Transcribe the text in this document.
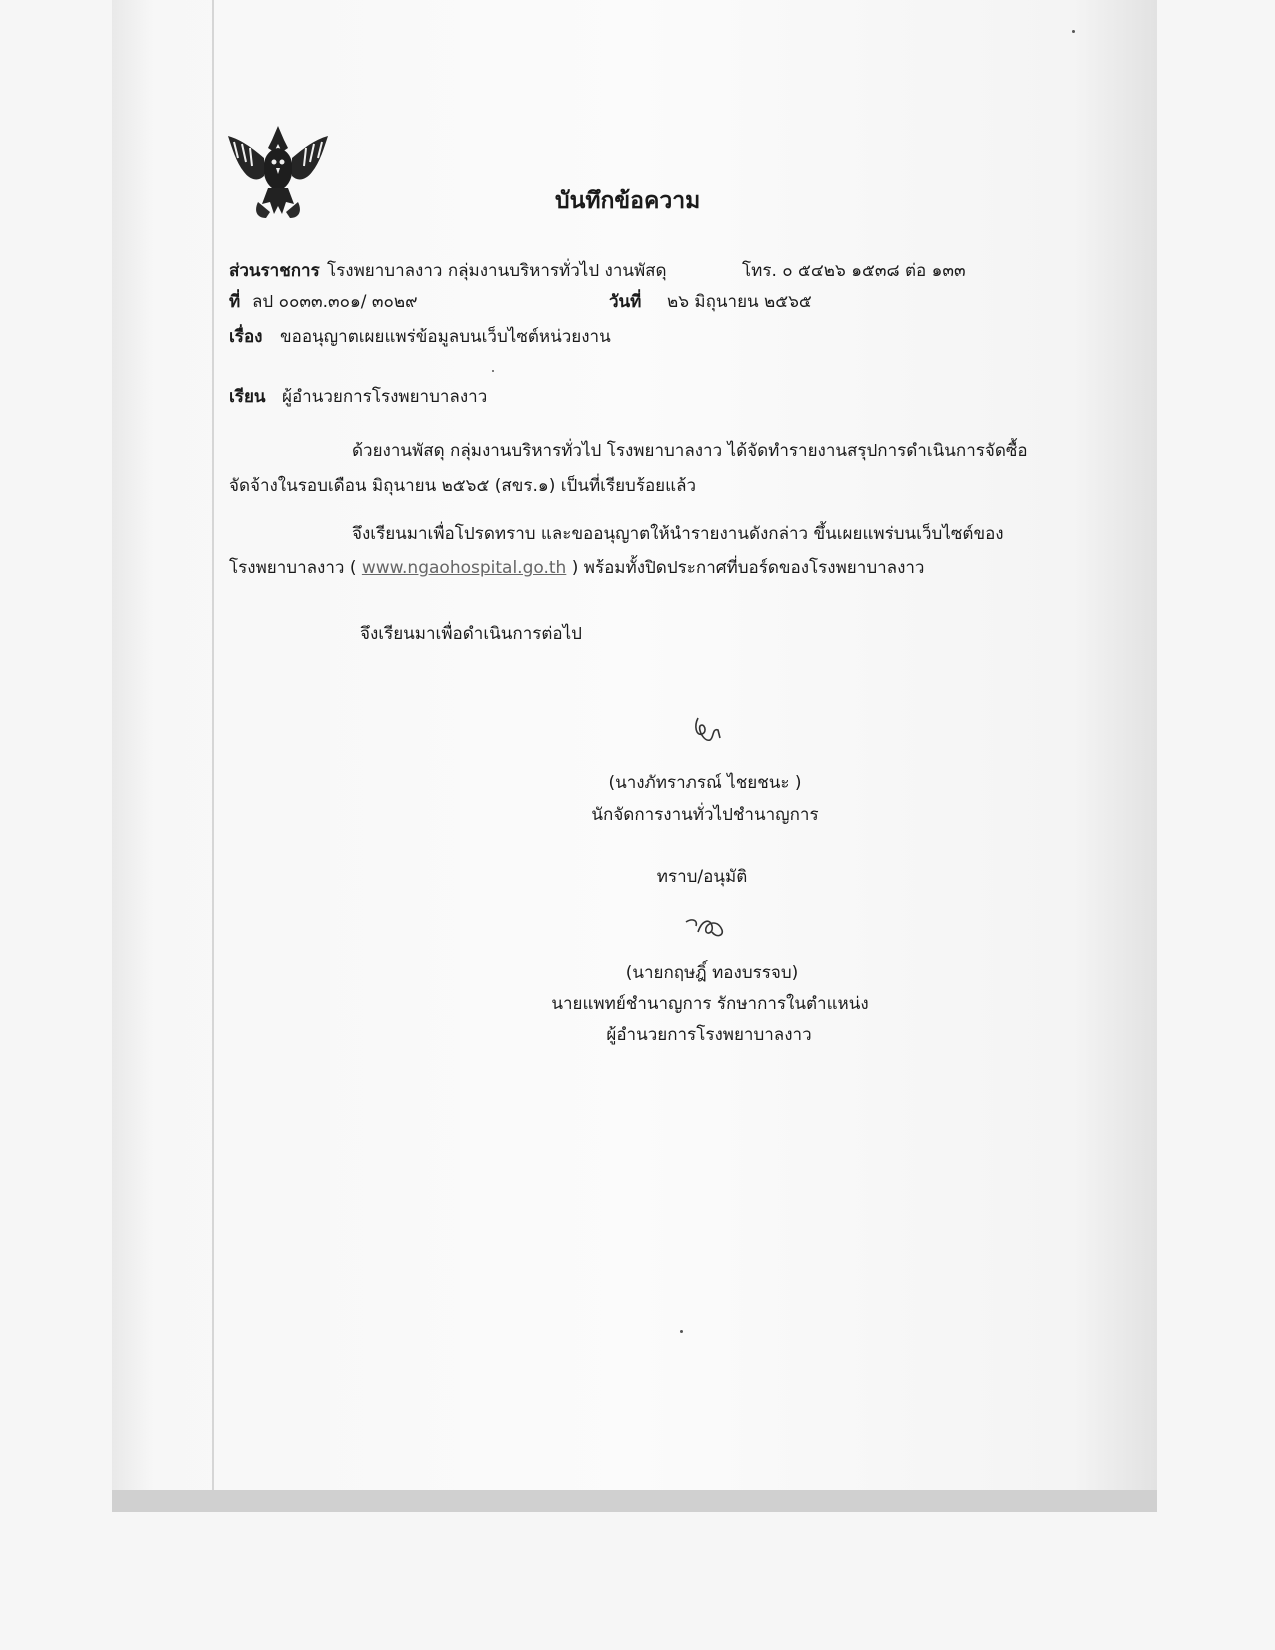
บันทึกข้อความ
ส่วนราชการ โรงพยาบาลงาว กลุ่มงานบริหารทั่วไป งานพัสดุ	โทร. ๐ ๕๔๒๖ ๑๕๓๘ ต่อ ๑๓๓
ที่ ลป ๐๐๓๓.๓๐๑/ ๓๐๒๙	วันที่ ๒๖ มิถุนายน ๒๕๖๕
เรื่อง ขออนุญาตเผยแพร่ข้อมูลบนเว็บไซต์หน่วยงาน
เรียน ผู้อำนวยการโรงพยาบาลงาว
ด้วยงานพัสดุ กลุ่มงานบริหารทั่วไป โรงพยาบาลงาว ได้จัดทำรายงานสรุปการดำเนินการจัดซื้อ
จัดจ้างในรอบเดือน มิถุนายน ๒๕๖๕ (สขร.๑) เป็นที่เรียบร้อยแล้ว
จึงเรียนมาเพื่อโปรดทราบ และขออนุญาตให้นำรายงานดังกล่าว ขึ้นเผยแพร่บนเว็บไซต์ของ
โรงพยาบาลงาว ( www.ngaohospital.go.th ) พร้อมทั้งปิดประกาศที่บอร์ดของโรงพยาบาลงาว
จึงเรียนมาเพื่อดำเนินการต่อไป
(นางภัทราภรณ์ ไชยชนะ )
นักจัดการงานทั่วไปชำนาญการ
ทราบ/อนุมัติ
(นายกฤษฎิ์ ทองบรรจบ)
นายแพทย์ชำนาญการ รักษาการในตำแหน่ง
ผู้อำนวยการโรงพยาบาลงาว
